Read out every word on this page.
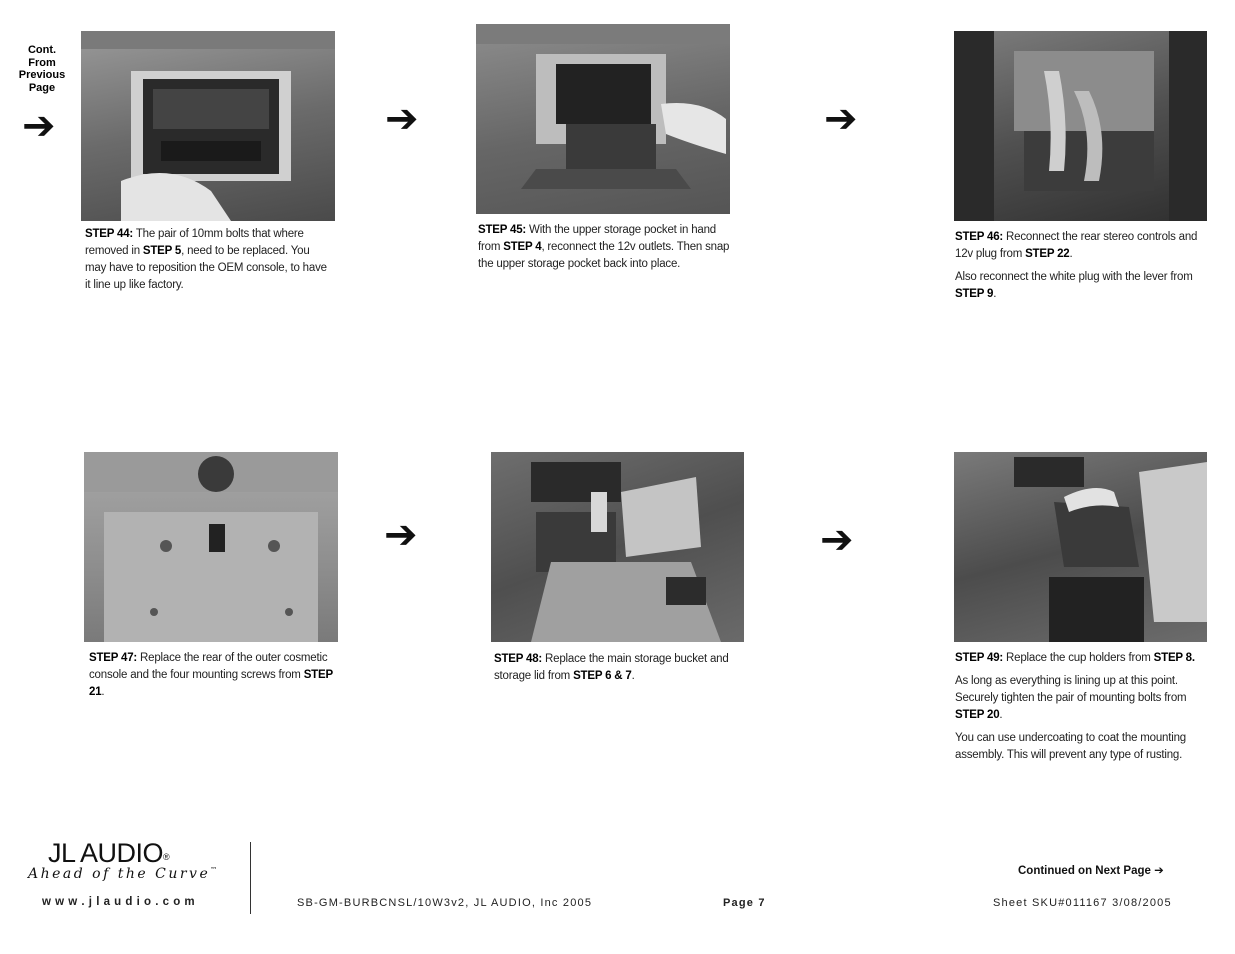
Cont.
From
Previous
Page
➔

STEP 44: The pair of 10mm bolts that where removed in STEP 5, need to be replaced. You may have to reposition the OEM console, to have it line up like factory.

➔

STEP 45: With the upper storage pocket in hand from STEP 4, reconnect the 12v outlets. Then snap the upper storage pocket back into place.

➔

STEP 46: Reconnect the rear stereo controls and 12v plug from STEP 22.

Also reconnect the white plug with the lever from STEP 9.

STEP 47: Replace the rear of the outer cosmetic console and the four mounting screws from STEP 21.

➔

STEP 48: Replace the main storage bucket and storage lid from STEP 6 & 7.

➔

STEP 49: Replace the cup holders from STEP 8.

As long as everything is lining up at this point. Securely tighten the pair of mounting bolts from STEP 20.

You can use undercoating to coat the mounting assembly. This will prevent any type of rusting.

JL AUDIO®
Ahead of the Curve™
w w w . j l a u d i o . c o m	SB-GM-BURBCNSL/10W3v2, JL AUDIO, Inc 2005	Page 7	Sheet SKU#011167 3/08/2005
Continued on Next Page ➔
